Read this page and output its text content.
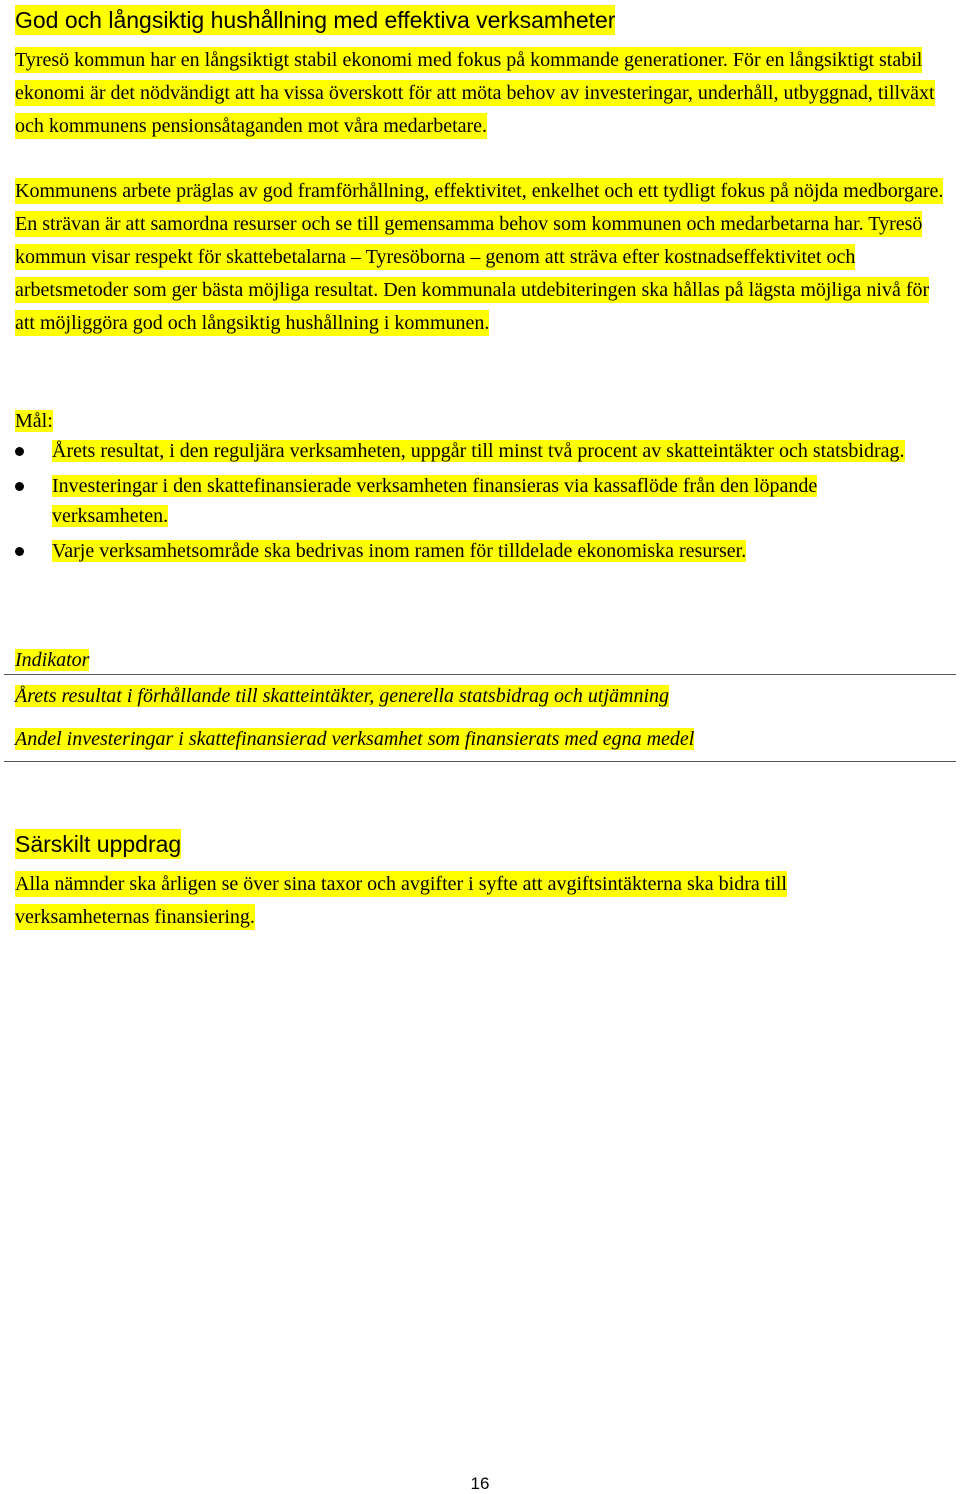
God och långsiktig hushållning med effektiva verksamheter

Tyresö kommun har en långsiktigt stabil ekonomi med fokus på kommande generationer. För en långsiktigt stabil ekonomi är det nödvändigt att ha vissa överskott för att möta behov av investeringar, underhåll, utbyggnad, tillväxt och kommunens pensionsåtaganden mot våra medarbetare.

Kommunens arbete präglas av god framförhållning, effektivitet, enkelhet och ett tydligt fokus på nöjda medborgare. En strävan är att samordna resurser och se till gemensamma behov som kommunen och medarbetarna har. Tyresö kommun visar respekt för skattebetalarna – Tyresöborna – genom att sträva efter kostnadseffektivitet och arbetsmetoder som ger bästa möjliga resultat. Den kommunala utdebiteringen ska hållas på lägsta möjliga nivå för att möjliggöra god och långsiktig hushållning i kommunen.

Mål:
Årets resultat, i den reguljära verksamheten, uppgår till minst två procent av skatteintäkter och statsbidrag.
Investeringar i den skattefinansierade verksamheten finansieras via kassaflöde från den löpande verksamheten.
Varje verksamhetsområde ska bedrivas inom ramen för tilldelade ekonomiska resurser.
Indikator
Årets resultat i förhållande till skatteintäkter, generella statsbidrag och utjämning
Andel investeringar i skattefinansierad verksamhet som finansierats med egna medel
Särskilt uppdrag

Alla nämnder ska årligen se över sina taxor och avgifter i syfte att avgiftsintäkterna ska bidra till verksamheternas finansiering.

16
